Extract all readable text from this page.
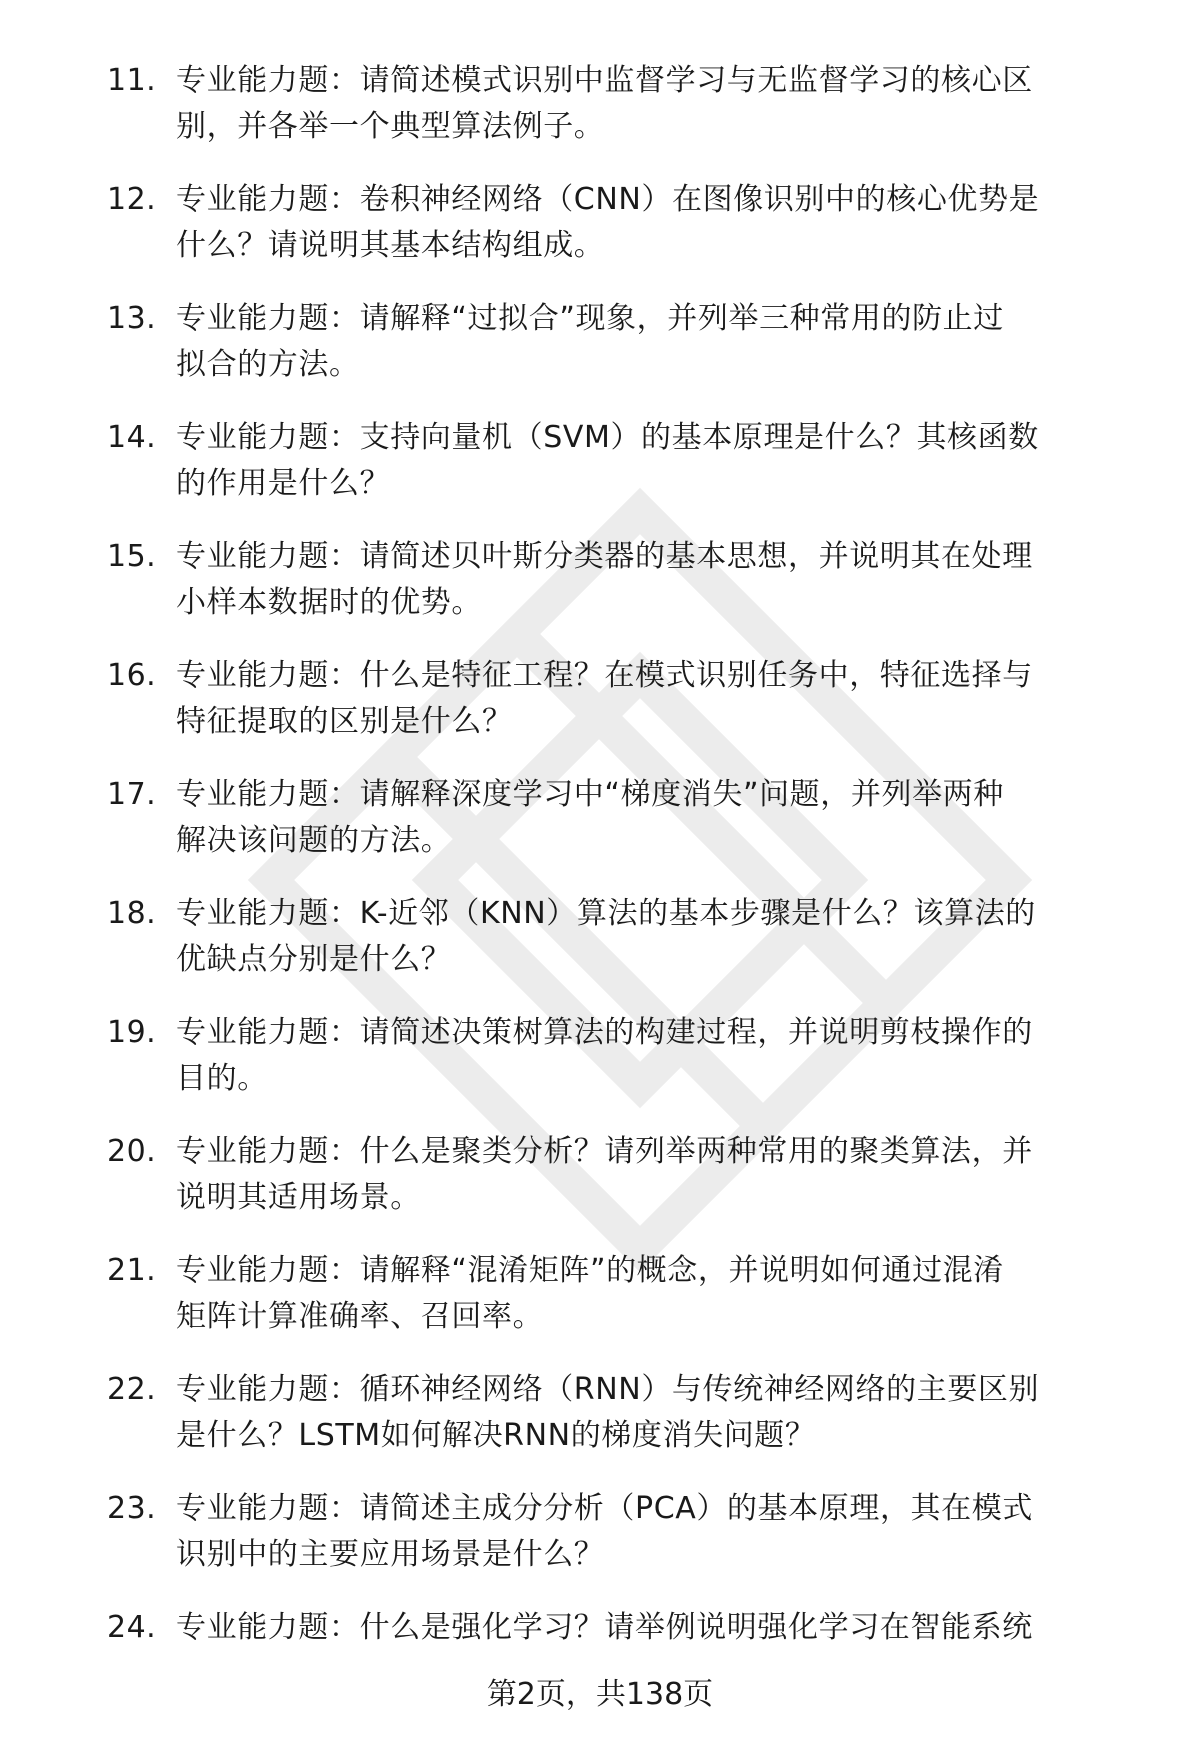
11. 专业能力题：请简述模式识别中监督学习与无监督学习的核心区
别，并各举一个典型算法例子。
12. 专业能力题：卷积神经网络（CNN）在图像识别中的核心优势是
什么？请说明其基本结构组成。
13. 专业能力题：请解释“过拟合”现象，并列举三种常用的防止过
拟合的方法。
14. 专业能力题：支持向量机（SVM）的基本原理是什么？其核函数
的作用是什么？
15. 专业能力题：请简述贝叶斯分类器的基本思想，并说明其在处理
小样本数据时的优势。
16. 专业能力题：什么是特征工程？在模式识别任务中，特征选择与
特征提取的区别是什么？
17. 专业能力题：请解释深度学习中“梯度消失”问题，并列举两种
解决该问题的方法。
18. 专业能力题：K-近邻（KNN）算法的基本步骤是什么？该算法的
优缺点分别是什么？
19. 专业能力题：请简述决策树算法的构建过程，并说明剪枝操作的
目的。
20. 专业能力题：什么是聚类分析？请列举两种常用的聚类算法，并
说明其适用场景。
21. 专业能力题：请解释“混淆矩阵”的概念，并说明如何通过混淆
矩阵计算准确率、召回率。
22. 专业能力题：循环神经网络（RNN）与传统神经网络的主要区别
是什么？LSTM如何解决RNN的梯度消失问题？
23. 专业能力题：请简述主成分分析（PCA）的基本原理，其在模式
识别中的主要应用场景是什么？
24. 专业能力题：什么是强化学习？请举例说明强化学习在智能系统
第2页，共138页
